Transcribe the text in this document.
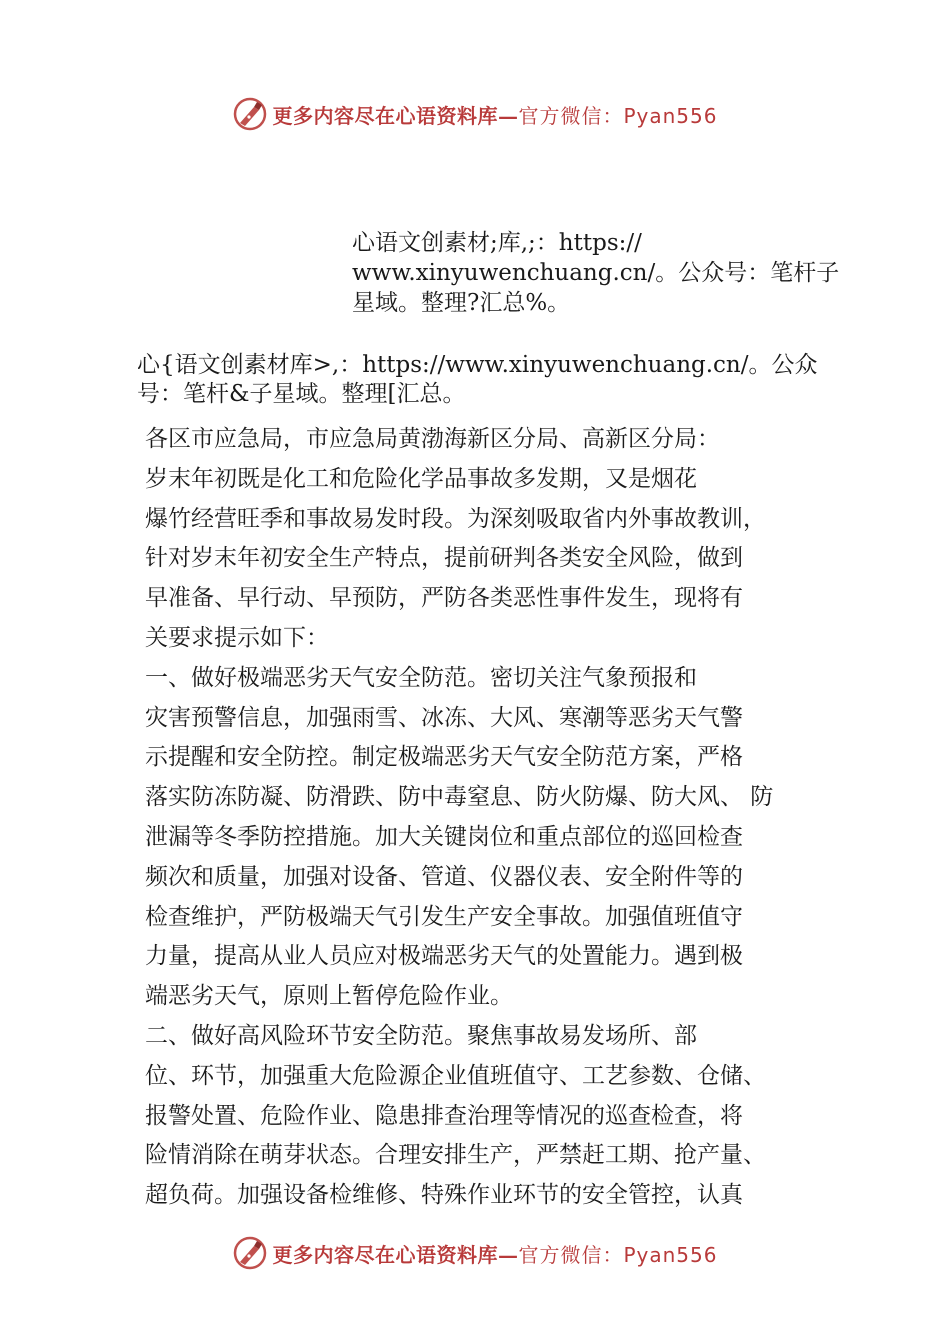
更多内容尽在心语资料库— 官方微信：Pyan556
心语文创素材;库,;：https://
www.xinyuwenchuang.cn/。公众号：笔杆子
星域。整理?汇总%。
心{语文创素材库>,：https://www.xinyuwenchuang.cn/。公众
号：笔杆&子星域。整理[汇总。

各区市应急局，市应急局黄渤海新区分局、高新区分局：
岁末年初既是化工和危险化学品事故多发期，又是烟花
爆竹经营旺季和事故易发时段。为深刻吸取省内外事故教训，
针对岁末年初安全生产特点，提前研判各类安全风险，做到
早准备、早行动、早预防，严防各类恶性事件发生，现将有
关要求提示如下：
一、做好极端恶劣天气安全防范。密切关注气象预报和
灾害预警信息，加强雨雪、冰冻、大风、寒潮等恶劣天气警
示提醒和安全防控。制定极端恶劣天气安全防范方案，严格
落实防冻防凝、防滑跌、防中毒窒息、防火防爆、防大风、 防
泄漏等冬季防控措施。加大关键岗位和重点部位的巡回检查
频次和质量，加强对设备、管道、仪器仪表、安全附件等的
检查维护，严防极端天气引发生产安全事故。加强值班值守
力量，提高从业人员应对极端恶劣天气的处置能力。遇到极
端恶劣天气，原则上暂停危险作业。
二、做好高风险环节安全防范。聚焦事故易发场所、部
位、环节，加强重大危险源企业值班值守、工艺参数、仓储、
报警处置、危险作业、隐患排查治理等情况的巡查检查，将
险情消除在萌芽状态。合理安排生产，严禁赶工期、抢产量、
超负荷。加强设备检维修、特殊作业环节的安全管控，认真

更多内容尽在心语资料库— 官方微信：Pyan556
